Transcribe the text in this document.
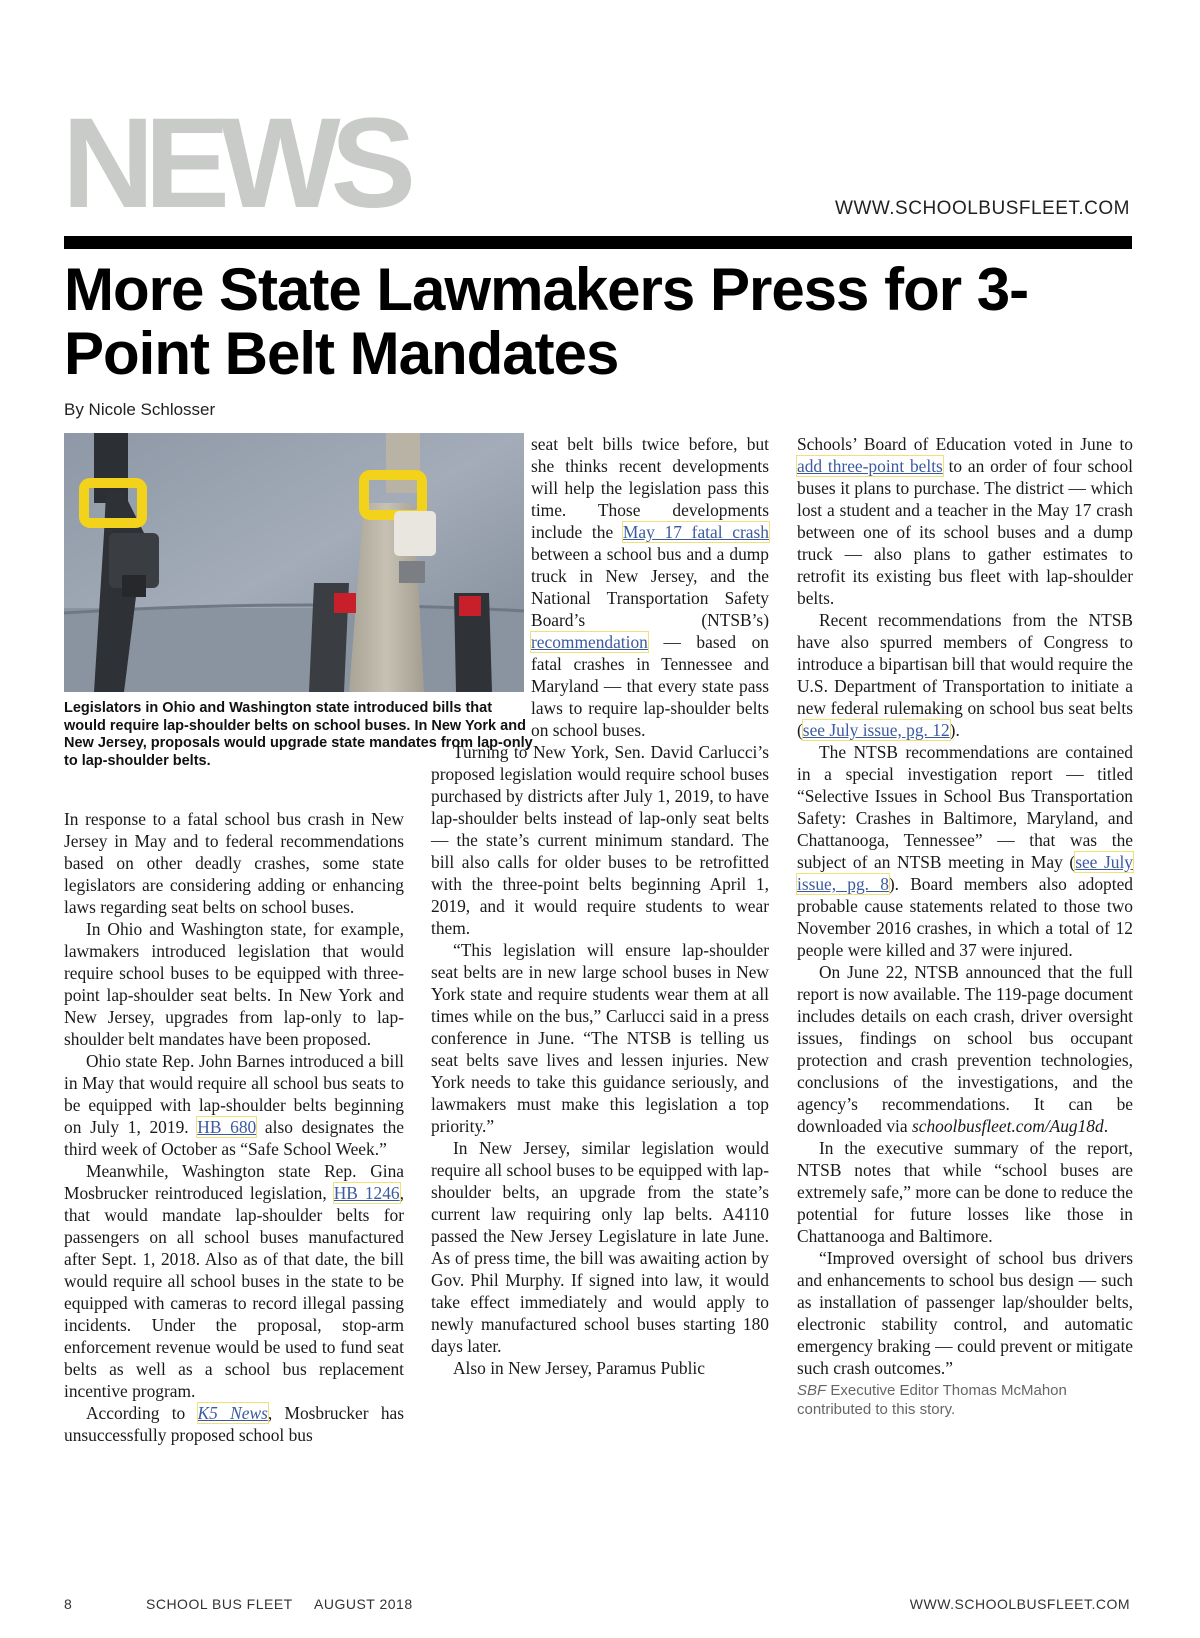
NEWS	WWW.SCHOOLBUSFLEET.COM
More State Lawmakers Press for 3-Point Belt Mandates
By Nicole Schlosser

Legislators in Ohio and Washington state introduced bills that would require lap-shoulder belts on school buses. In New York and New Jersey, proposals would upgrade state mandates from lap-only to lap-shoulder belts.

In response to a fatal school bus crash in New Jersey in May and to federal recommendations based on other deadly crashes, some state legislators are considering adding or enhancing laws regarding seat belts on school buses.

In Ohio and Washington state, for example, lawmakers introduced legislation that would require school buses to be equipped with three-point lap-shoulder seat belts. In New York and New Jersey, upgrades from lap-only to lap-shoulder belt mandates have been proposed.

Ohio state Rep. John Barnes introduced a bill in May that would require all school bus seats to be equipped with lap-shoulder belts beginning on July 1, 2019. HB 680 also designates the third week of October as “Safe School Week.”

Meanwhile, Washington state Rep. Gina Mosbrucker reintroduced legislation, HB 1246, that would mandate lap-shoulder belts for passengers on all school buses manufactured after Sept. 1, 2018. Also as of that date, the bill would require all school buses in the state to be equipped with cameras to record illegal passing incidents. Under the proposal, stop-arm enforcement revenue would be used to fund seat belts as well as a school bus replacement incentive program.

According to K5 News, Mosbrucker has unsuccessfully proposed school bus

seat belt bills twice before, but she thinks recent developments will help the legislation pass this time. Those developments include the May 17 fatal crash between a school bus and a dump truck in New Jersey, and the National Transportation Safety Board’s (NTSB’s) recommendation — based on fatal crashes in Tennessee and Maryland — that every state pass laws to require lap-shoulder belts on school buses.

Turning to New York, Sen. David Carlucci’s proposed legislation would require school buses purchased by districts after July 1, 2019, to have lap-shoulder belts instead of lap-only seat belts — the state’s current minimum standard. The bill also calls for older buses to be retrofitted with the three-point belts beginning April 1, 2019, and it would require students to wear them.

“This legislation will ensure lap-shoulder seat belts are in new large school buses in New York state and require students wear them at all times while on the bus,” Carlucci said in a press conference in June. “The NTSB is telling us seat belts save lives and lessen injuries. New York needs to take this guidance seriously, and lawmakers must make this legislation a top priority.”

In New Jersey, similar legislation would require all school buses to be equipped with lap-shoulder belts, an upgrade from the state’s current law requiring only lap belts. A4110 passed the New Jersey Legislature in late June. As of press time, the bill was awaiting action by Gov. Phil Murphy. If signed into law, it would take effect immediately and would apply to newly manufactured school buses starting 180 days later.

Also in New Jersey, Paramus Public

Schools’ Board of Education voted in June to add three-point belts to an order of four school buses it plans to purchase. The district — which lost a student and a teacher in the May 17 crash between one of its school buses and a dump truck — also plans to gather estimates to retrofit its existing bus fleet with lap-shoulder belts.

Recent recommendations from the NTSB have also spurred members of Congress to introduce a bipartisan bill that would require the U.S. Department of Transportation to initiate a new federal rulemaking on school bus seat belts (see July issue, pg. 12).

The NTSB recommendations are contained in a special investigation report — titled “Selective Issues in School Bus Transportation Safety: Crashes in Baltimore, Maryland, and Chattanooga, Tennessee” — that was the subject of an NTSB meeting in May (see July issue, pg. 8). Board members also adopted probable cause statements related to those two November 2016 crashes, in which a total of 12 people were killed and 37 were injured.

On June 22, NTSB announced that the full report is now available. The 119-page document includes details on each crash, driver oversight issues, findings on school bus occupant protection and crash prevention technologies, conclusions of the investigations, and the agency’s recommendations. It can be downloaded via schoolbusfleet.com/Aug18d.

In the executive summary of the report, NTSB notes that while “school buses are extremely safe,” more can be done to reduce the potential for future losses like those in Chattanooga and Baltimore.

“Improved oversight of school bus drivers and enhancements to school bus design — such as installation of passenger lap/shoulder belts, electronic stability control, and automatic emergency braking — could prevent or mitigate such crash outcomes.”

SBF Executive Editor Thomas McMahon contributed to this story.
8	SCHOOL BUS FLEET AUGUST 2018	WWW.SCHOOLBUSFLEET.COM
